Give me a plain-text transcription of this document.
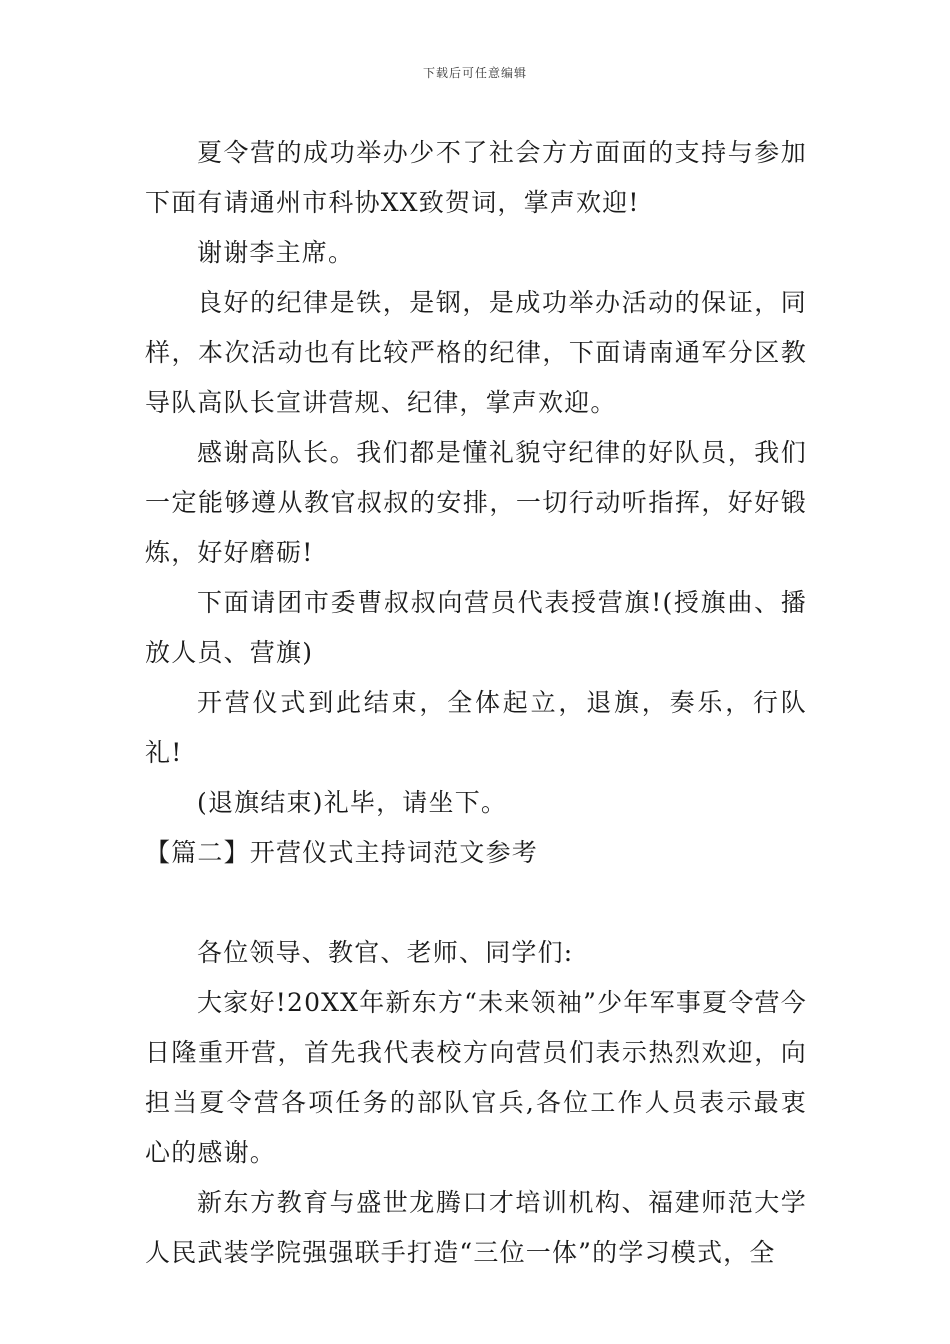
下载后可任意编辑

夏令营的成功举办少不了社会方方面面的支持与参加下面有请通州市科协XX致贺词，掌声欢迎!

谢谢李主席。

良好的纪律是铁，是钢，是成功举办活动的保证，同样，本次活动也有比较严格的纪律，下面请南通军分区教导队高队长宣讲营规、纪律，掌声欢迎。

感谢高队长。我们都是懂礼貌守纪律的好队员，我们一定能够遵从教官叔叔的安排，一切行动听指挥，好好锻炼，好好磨砺!

下面请团市委曹叔叔向营员代表授营旗!(授旗曲、播放人员、营旗)

开营仪式到此结束，全体起立，退旗，奏乐，行队礼!

(退旗结束)礼毕，请坐下。

【篇二】开营仪式主持词范文参考

各位领导、教官、老师、同学们:

大家好!20XX年新东方“未来领袖”少年军事夏令营今日隆重开营，首先我代表校方向营员们表示热烈欢迎，向担当夏令营各项任务的部队官兵,各位工作人员表示最衷心的感谢。

新东方教育与盛世龙腾口才培训机构、福建师范大学人民武装学院强强联手打造“三位一体”的学习模式，全
